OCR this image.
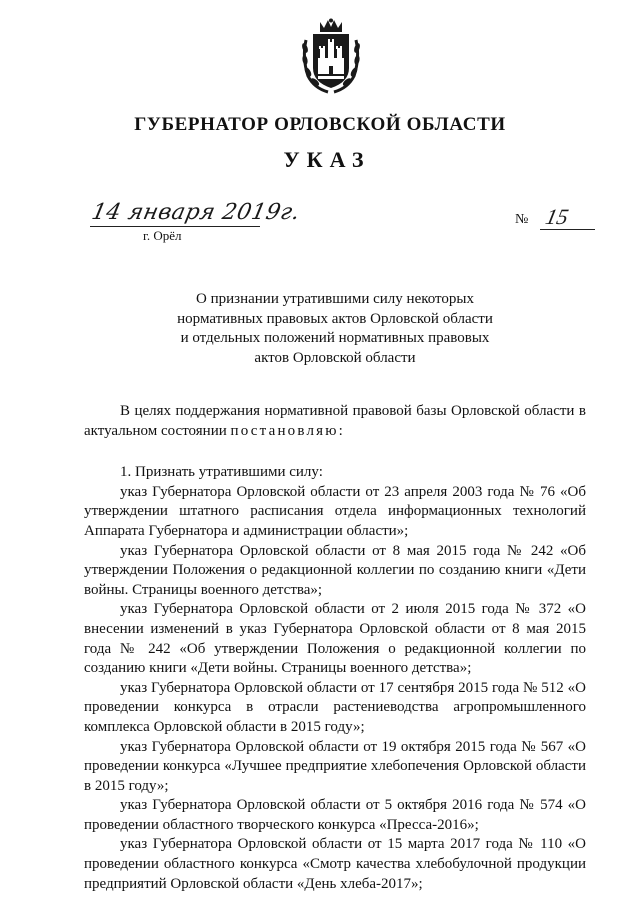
ГУБЕРНАТОР ОРЛОВСКОЙ ОБЛАСТИ
УКАЗ
14 января 2019г.
г. Орёл
№ 15
О признании утратившими силу некоторых
нормативных правовых актов Орловской области
и отдельных положений нормативных правовых
актов Орловской области

В целях поддержания нормативной правовой базы Орловской области в актуальном состоянии постановляю:

1. Признать утратившими силу:

указ Губернатора Орловской области от 23 апреля 2003 года № 76 «Об утверждении штатного расписания отдела информационных технологий Аппарата Губернатора и администрации области»;

указ Губернатора Орловской области от 8 мая 2015 года № 242 «Об утверждении Положения о редакционной коллегии по созданию книги «Дети войны. Страницы военного детства»;

указ Губернатора Орловской области от 2 июля 2015 года № 372 «О внесении изменений в указ Губернатора Орловской области от 8 мая 2015 года № 242 «Об утверждении Положения о редакционной коллегии по созданию книги «Дети войны. Страницы военного детства»;

указ Губернатора Орловской области от 17 сентября 2015 года № 512 «О проведении конкурса в отрасли растениеводства агропромышленного комплекса Орловской области в 2015 году»;

указ Губернатора Орловской области от 19 октября 2015 года № 567 «О проведении конкурса «Лучшее предприятие хлебопечения Орловской области в 2015 году»;

указ Губернатора Орловской области от 5 октября 2016 года № 574 «О проведении областного творческого конкурса «Пресса-2016»;

указ Губернатора Орловской области от 15 марта 2017 года № 110 «О проведении областного конкурса «Смотр качества хлебобулочной продукции предприятий Орловской области «День хлеба-2017»;
